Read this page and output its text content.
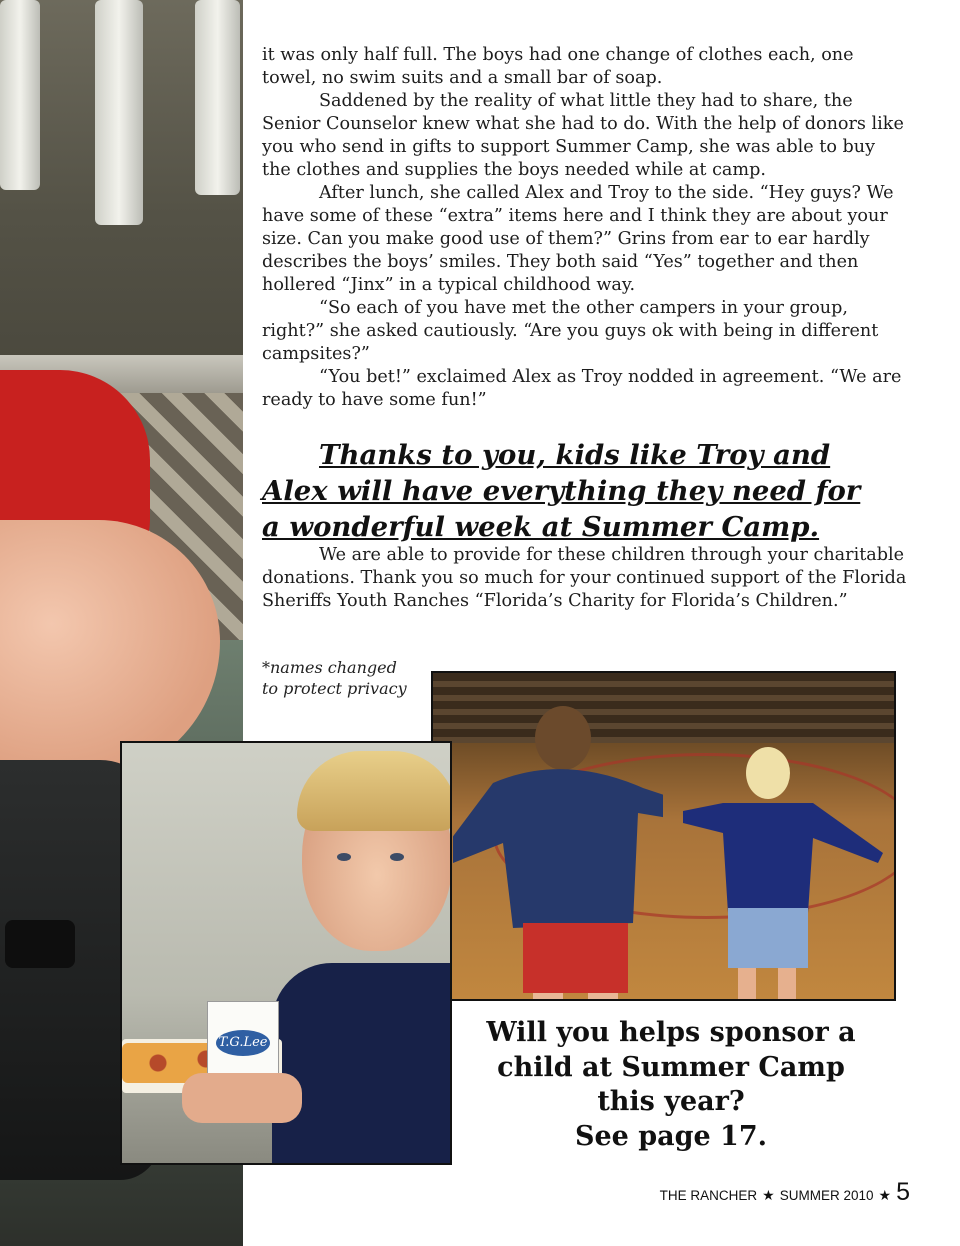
it was only half full. The boys had one change of clothes each, one towel, no swim suits and a small bar of soap.

Saddened by the reality of what little they had to share, the Senior Counselor knew what she had to do. With the help of donors like you who send in gifts to support Summer Camp, she was able to buy the clothes and supplies the boys needed while at camp.

After lunch, she called Alex and Troy to the side. “Hey guys? We have some of these “extra” items here and I think they are about your size. Can you make good use of them?” Grins from ear to ear hardly describes the boys’ smiles. They both said “Yes” together and then hollered “Jinx” in a typical childhood way.

“So each of you have met the other campers in your group, right?” she asked cautiously. “Are you guys ok with being in different campsites?”

“You bet!” exclaimed Alex as Troy nodded in agreement. “We are ready to have some fun!”

Thanks to you, kids like Troy and
Alex will have everything they need for
a wonderful week at Summer Camp.

We are able to provide for these children through your charitable donations. Thank you so much for your continued support of the Florida Sheriffs Youth Ranches “Florida’s Charity for Florida’s Children.”

*names changed
to protect privacy
T.G.Lee	Will you helps sponsor a
child at Summer Camp
this year?
See page 17.
THE RANCHER ★ SUMMER 2010 ★ 5
